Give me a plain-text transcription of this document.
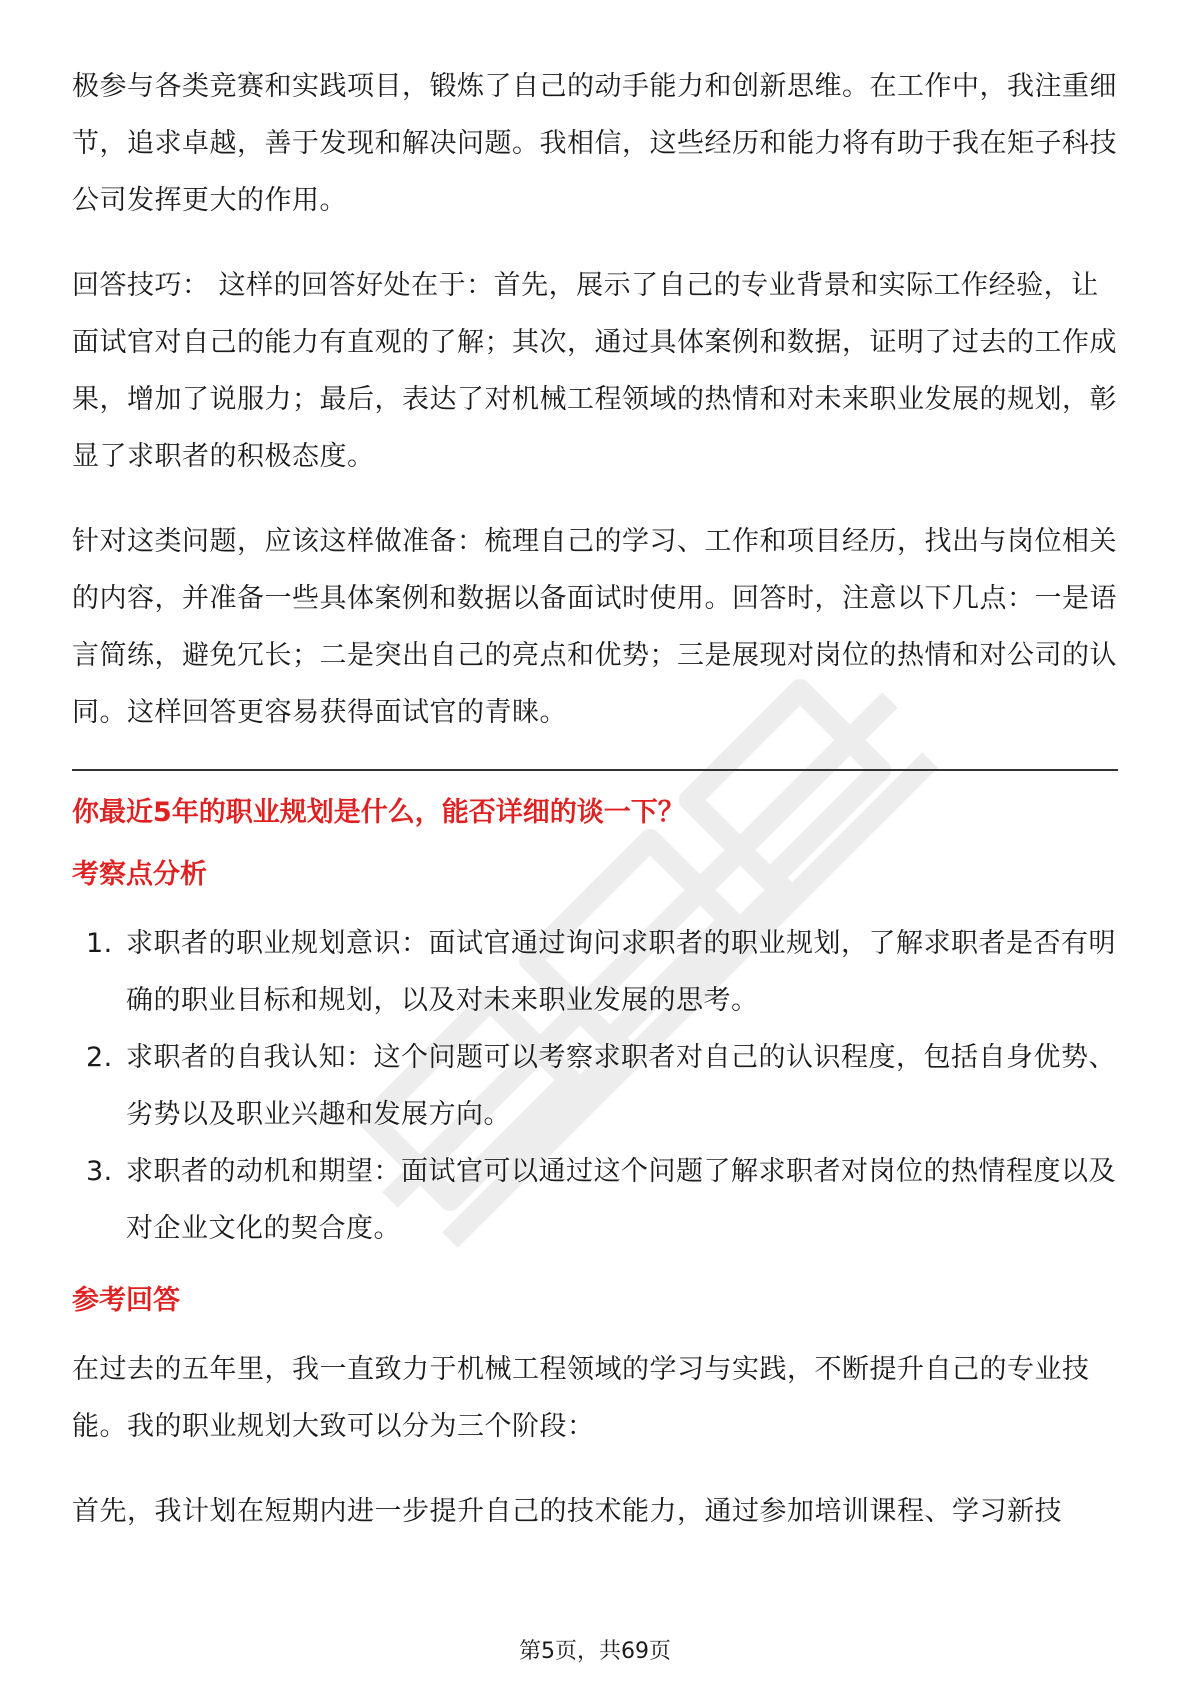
极参与各类竞赛和实践项目，锻炼了自己的动手能力和创新思维。在工作中，我注重细节，追求卓越，善于发现和解决问题。我相信，这些经历和能力将有助于我在矩子科技公司发挥更大的作用。

回答技巧： 这样的回答好处在于：首先，展示了自己的专业背景和实际工作经验，让面试官对自己的能力有直观的了解；其次，通过具体案例和数据，证明了过去的工作成果，增加了说服力；最后，表达了对机械工程领域的热情和对未来职业发展的规划，彰显了求职者的积极态度。

针对这类问题，应该这样做准备：梳理自己的学习、工作和项目经历，找出与岗位相关的内容，并准备一些具体案例和数据以备面试时使用。回答时，注意以下几点：一是语言简练，避免冗长；二是突出自己的亮点和优势；三是展现对岗位的热情和对公司的认同。这样回答更容易获得面试官的青睐。

你最近5年的职业规划是什么，能否详细的谈一下？
考察点分析
1. 求职者的职业规划意识：面试官通过询问求职者的职业规划，了解求职者是否有明确的职业目标和规划，以及对未来职业发展的思考。
2. 求职者的自我认知：这个问题可以考察求职者对自己的认识程度，包括自身优势、劣势以及职业兴趣和发展方向。
3. 求职者的动机和期望：面试官可以通过这个问题了解求职者对岗位的热情程度以及对企业文化的契合度。
参考回答

在过去的五年里，我一直致力于机械工程领域的学习与实践，不断提升自己的专业技能。我的职业规划大致可以分为三个阶段：

首先，我计划在短期内进一步提升自己的技术能力，通过参加培训课程、学习新技

第5页，共69页
